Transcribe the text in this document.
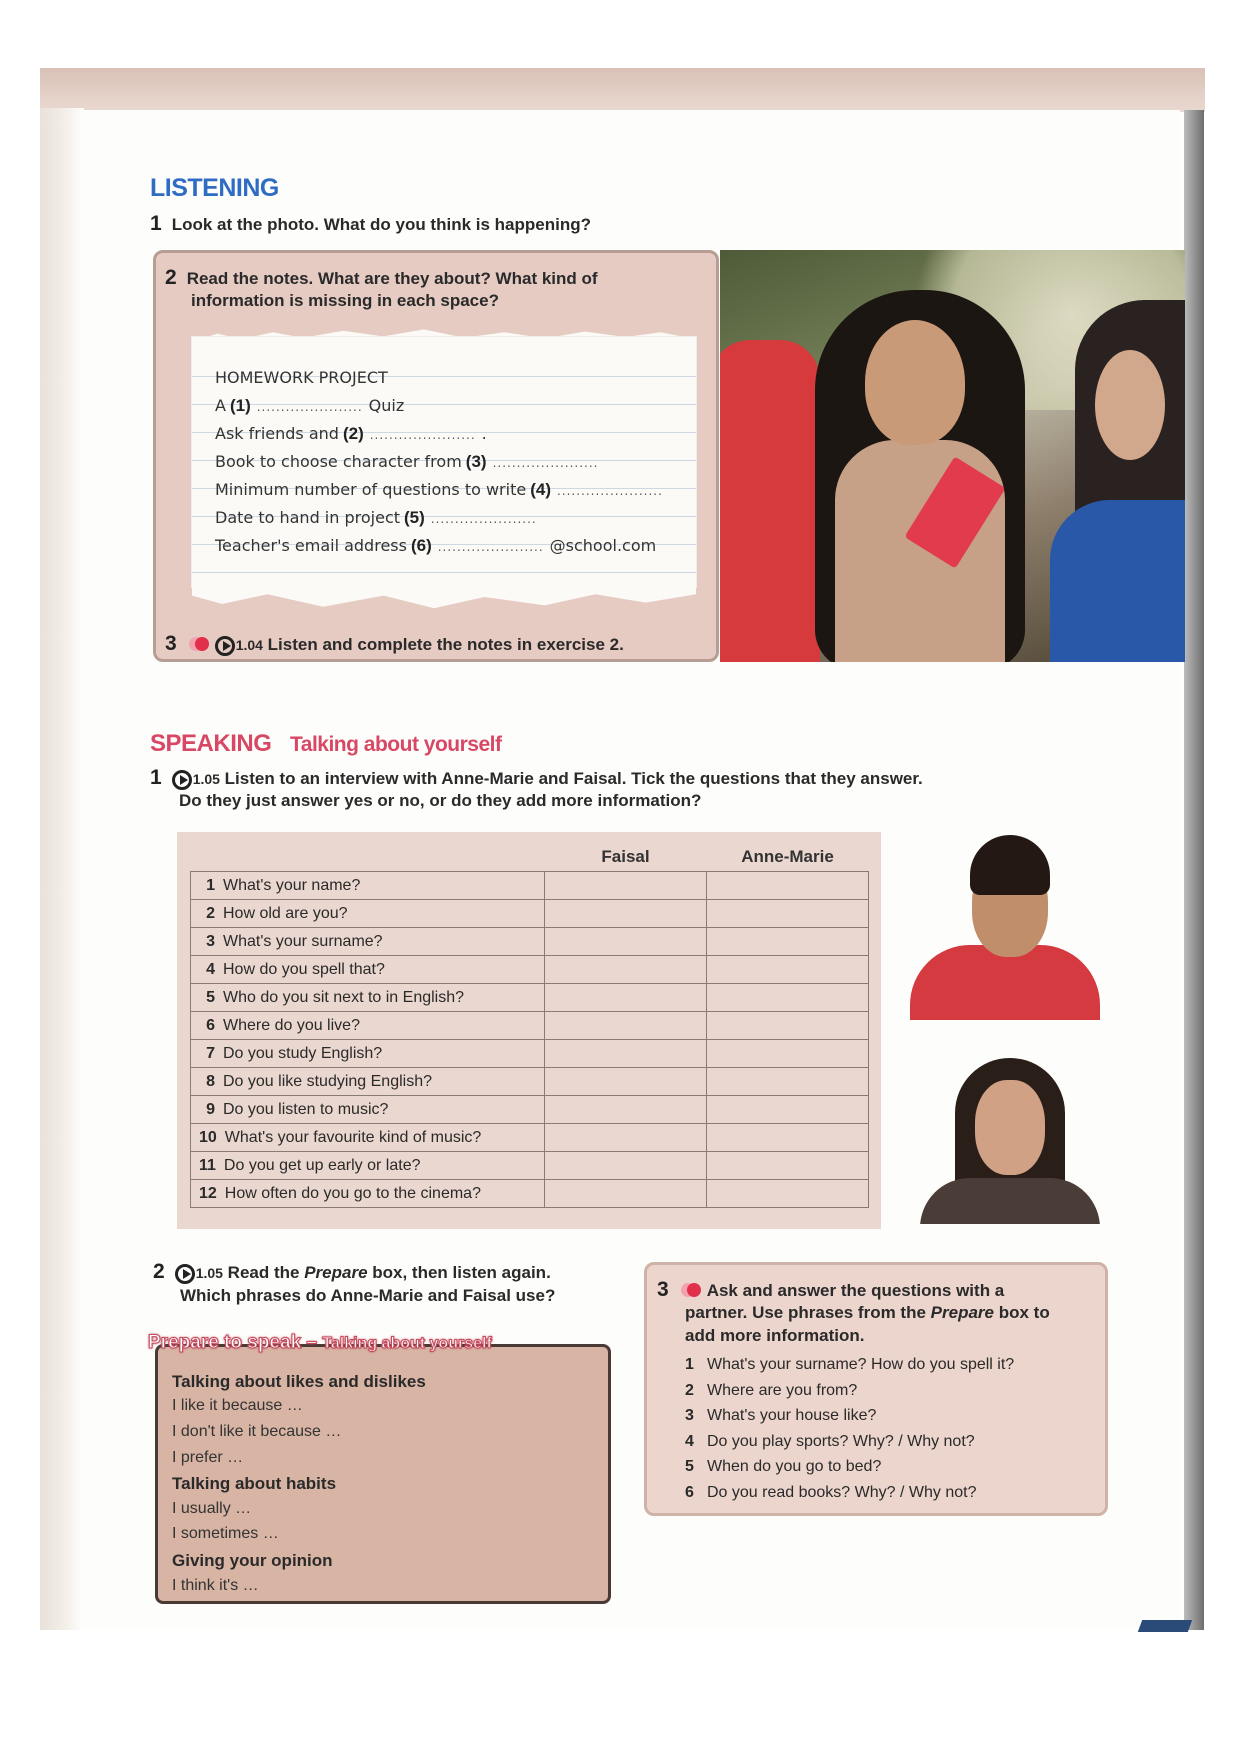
LISTENING
1 Look at the photo. What do you think is happening?
2 Read the notes. What are they about? What kind of
information is missing in each space?
HOMEWORK PROJECT
A (1) ...................... Quiz
Ask friends and (2) ...................... .
Book to choose character from (3) ......................
Minimum number of questions to write (4) ......................
Date to hand in project (5) ......................
Teacher's email address (6) ...................... @school.com
3	1.04 Listen and complete the notes in exercise 2.
SPEAKING Talking about yourself
1 1.05 Listen to an interview with Anne-Marie and Faisal. Tick the questions that they answer.
Do they just answer yes or no, or do they add more information?
	Faisal	Anne-Marie
1 What's your name?		
2 How old are you?		
3 What's your surname?		
4 How do you spell that?		
5 Who do you sit next to in English?		
6 Where do you live?		
7 Do you study English?		
8 Do you like studying English?		
9 Do you listen to music?		
10 What's your favourite kind of music?		
11 Do you get up early or late?		
12 How often do you go to the cinema?		
2 1.05 Read the Prepare box, then listen again.
Which phrases do Anne-Marie and Faisal use?
Prepare to speak – Talking about yourself
Talking about likes and dislikes
I like it because …
I don't like it because …
I prefer …
Talking about habits
I usually …
I sometimes …
Giving your opinion
I think it's …
3 Ask and answer the questions with a
partner. Use phrases from the Prepare box to
add more information.
1 What's your surname? How do you spell it?
2 Where are you from?
3 What's your house like?
4 Do you play sports? Why? / Why not?
5 When do you go to bed?
6 Do you read books? Why? / Why not?
